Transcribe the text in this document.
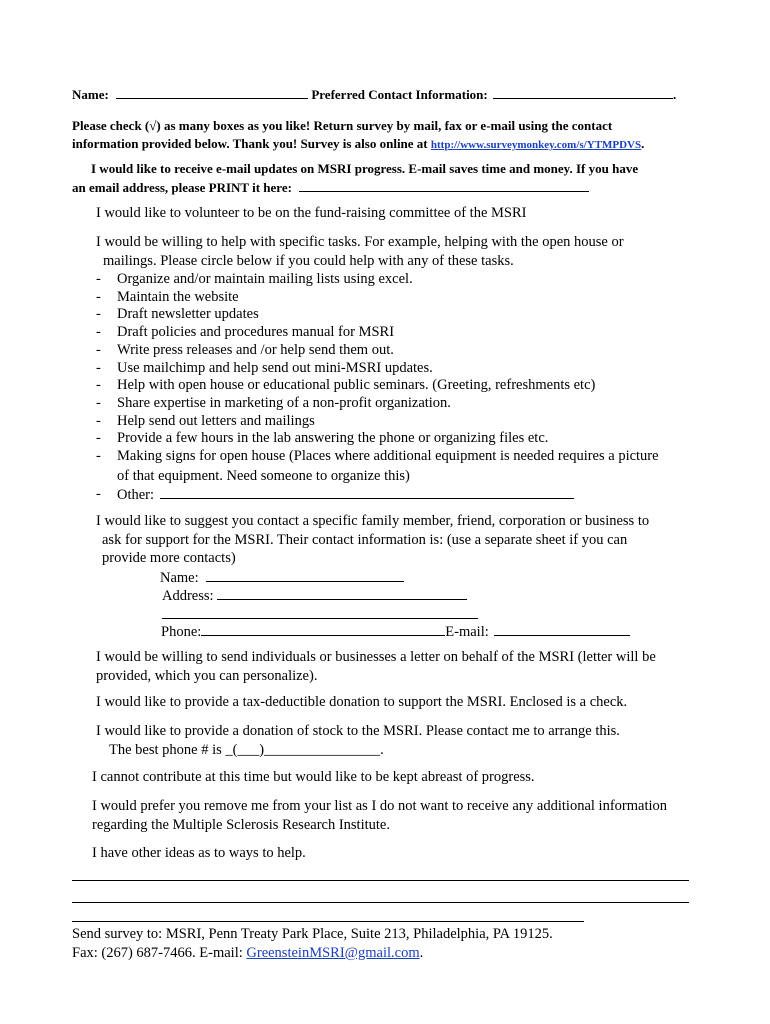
Name:	Preferred Contact Information:	.
Please check (√) as many boxes as you like! Return survey by mail, fax or e-mail using the contact
information provided below. Thank you! Survey is also online at http://www.surveymonkey.com/s/YTMPDVS.
I would like to receive e-mail updates on MSRI progress. E-mail saves time and money. If you have
an email address, please PRINT it here:
I would like to volunteer to be on the fund-raising committee of the MSRI
I would be willing to help with specific tasks. For example, helping with the open house or
mailings. Please circle below if you could help with any of these tasks.
- Organize and/or maintain mailing lists using excel.
- Maintain the website
- Draft newsletter updates
- Draft policies and procedures manual for MSRI
- Write press releases and /or help send them out.
- Use mailchimp and help send out mini-MSRI updates.
- Help with open house or educational public seminars. (Greeting, refreshments etc)
- Share expertise in marketing of a non-profit organization.
- Help send out letters and mailings
- Provide a few hours in the lab answering the phone or organizing files etc.
- Making signs for open house (Places where additional equipment is needed requires a picture
of that equipment. Need someone to organize this)
- Other:
I would like to suggest you contact a specific family member, friend, corporation or business to
ask for support for the MSRI. Their contact information is: (use a separate sheet if you can
provide more contacts)
Name:
Address:
Phone:	E-mail:
I would be willing to send individuals or businesses a letter on behalf of the MSRI (letter will be
provided, which you can personalize).
I would like to provide a tax-deductible donation to support the MSRI. Enclosed is a check.
I would like to provide a donation of stock to the MSRI. Please contact me to arrange this.
The best phone # is _(___)________________.
I cannot contribute at this time but would like to be kept abreast of progress.
I would prefer you remove me from your list as I do not want to receive any additional information
regarding the Multiple Sclerosis Research Institute.
I have other ideas as to ways to help.
Send survey to: MSRI, Penn Treaty Park Place, Suite 213, Philadelphia, PA 19125.
Fax: (267) 687-7466. E-mail: GreensteinMSRI@gmail.com.
